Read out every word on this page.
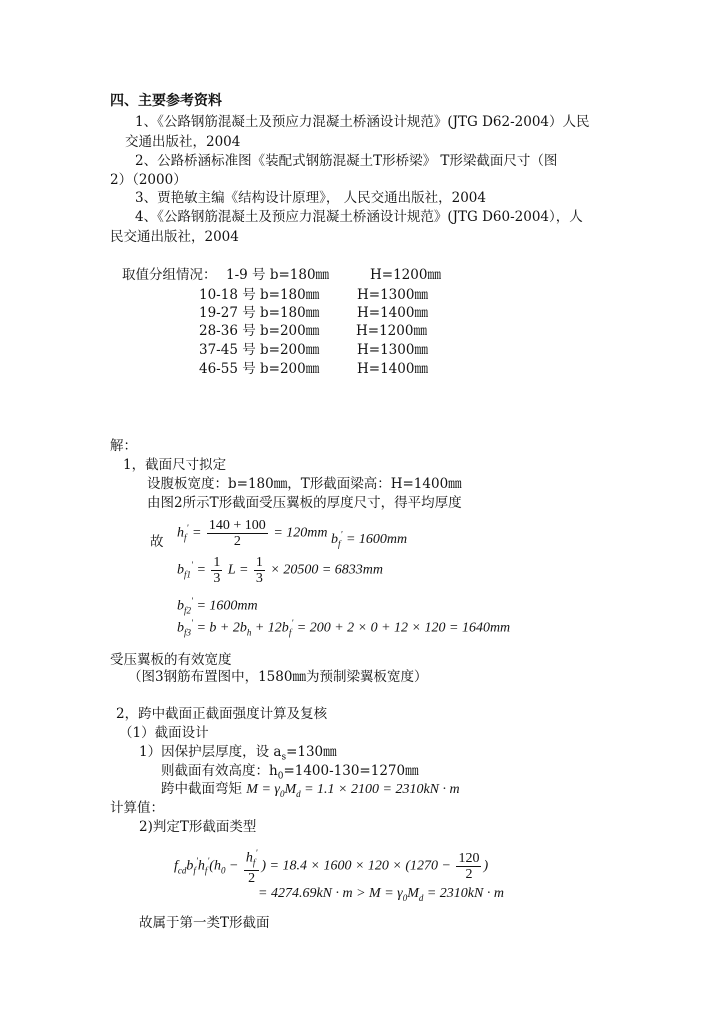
四、主要参考资料
1、《公路钢筋混凝土及预应力混凝土桥涵设计规范》(JTG D62-2004）人民
交通出版社，2004
2、公路桥涵标准图《装配式钢筋混凝土T形桥梁》 T形梁截面尺寸（图
2）（2000）
3、贾艳敏主编《结构设计原理》， 人民交通出版社，2004
4、《公路钢筋混凝土及预应力混凝土桥涵设计规范》(JTG D60-2004），人
民交通出版社，2004
取值分组情况： 1-9 号 b=180㎜	H=1200㎜
10-18 号 b=180㎜	H=1300㎜
19-27 号 b=180㎜	H=1400㎜
28-36 号 b=200㎜	H=1200㎜
37-45 号 b=200㎜	H=1300㎜
46-55 号 b=200㎜	H=1400㎜
解：
1，截面尺寸拟定
设腹板宽度：b=180㎜，T形截面梁高：H=1400㎜
由图2所示T形截面受压翼板的厚度尺寸，得平均厚度
故
$h_f' = \frac{140 + 100}{2} = 120mm$ $b_f' = 1600mm$
$b_{f1}' = \frac{1}{3}$ $L = \frac{1}{3} \times 20500 = 6833mm$
$b_{f2}' = 1600mm$
$b_{f3}' = b + 2b_h + 12b_f' = 200 + 2 \times 0 + 12 \times 120 = 1640mm$
受压翼板的有效宽度
（图3钢筋布置图中，1580㎜为预制梁翼板宽度）
2，跨中截面正截面强度计算及复核
（1）截面设计
1）因保护层厚度，设 $a_s=130㎜$
则截面有效高度：$h_0=1400-130=1270㎜$
跨中截面弯矩 $M = \gamma_0M_d = 1.1 \times 2100 = 2310kN \cdot m$
计算值：
2)判定T形截面类型
$f_{cd}b_f'h_f'(h_0 - \frac{h_f'}{2}$ ) = $18.4 \times 1600 \times 120 \times (1270 - \frac{120}{2}$ )
= $4274.69kN \cdot m > M = \gamma_0M_d = 2310kN \cdot m$
故属于第一类T形截面
